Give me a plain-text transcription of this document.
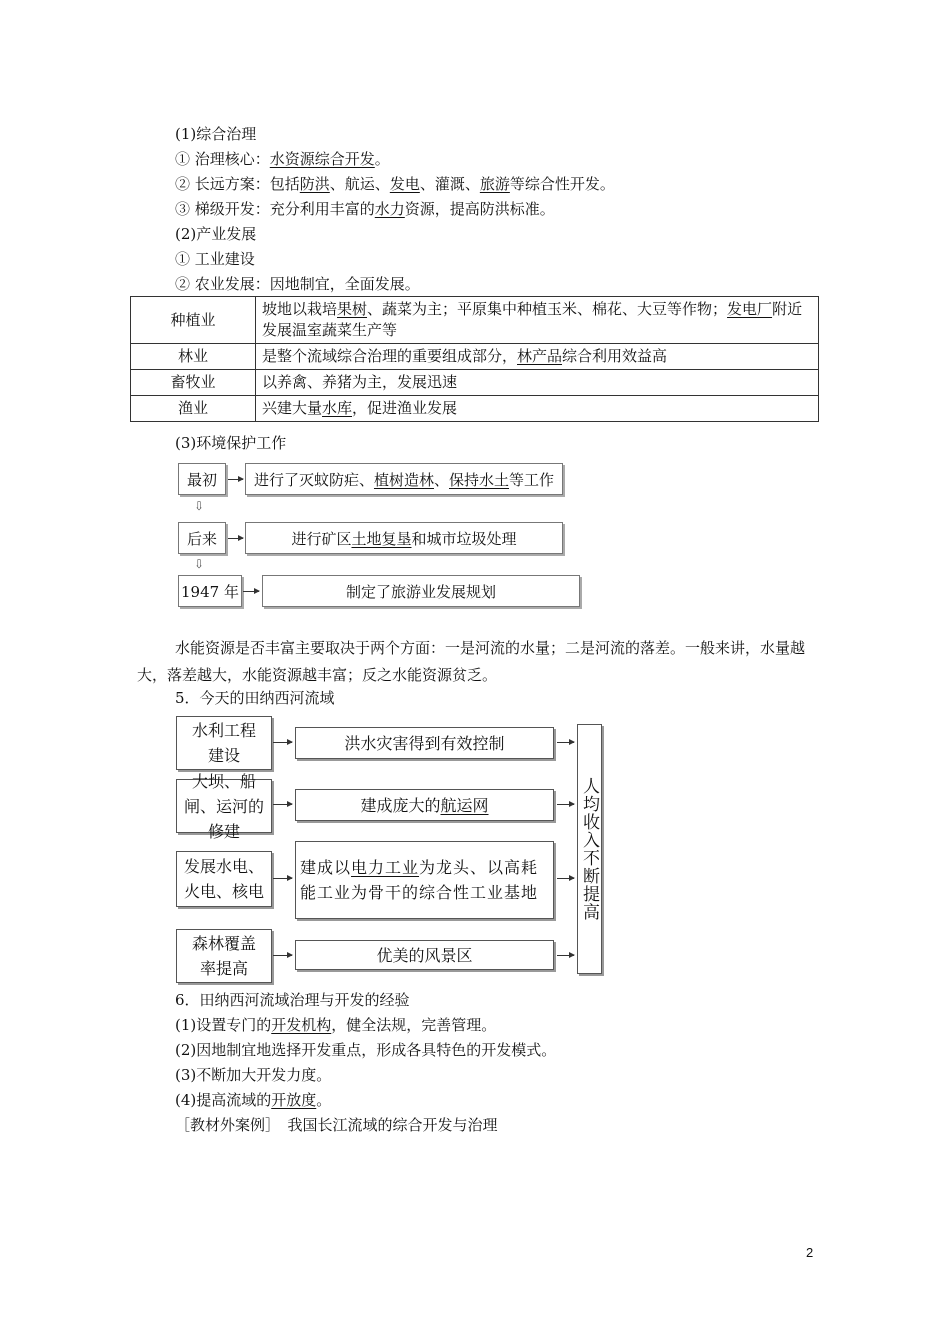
(1)综合治理
① 治理核心：水资源综合开发。
② 长远方案：包括防洪、航运、发电、灌溉、旅游等综合性开发。
③ 梯级开发：充分利用丰富的水力资源，提高防洪标准。
(2)产业发展
① 工业建设
② 农业发展：因地制宜，全面发展。
种植业	坡地以栽培果树、蔬菜为主；平原集中种植玉米、棉花、大豆等作物；发电厂附近发展温室蔬菜生产等
林业	是整个流域综合治理的重要组成部分，林产品综合利用效益高
畜牧业	以养禽、养猪为主，发展迅速
渔业	兴建大量水库，促进渔业发展
(3)环境保护工作
最初	进行了灭蚊防疟、植树造林、保持水土等工作
⇩
后来	进行矿区土地复垦和城市垃圾处理
⇩
1947 年	制定了旅游业发展规划
水能资源是否丰富主要取决于两个方面：一是河流的水量；二是河流的落差。一般来讲，水量越大，落差越大，水能资源越丰富；反之水能资源贫乏。
5．今天的田纳西河流域
水利工程建设
洪水灾害得到有效控制
大坝、船闸、运河的修建
建成庞大的航运网
发展水电、火电、核电
建成以电力工业为龙头、以高耗能工业为骨干的综合性工业基地
森林覆盖率提高
优美的风景区
人均收入不断提高
6．田纳西河流域治理与开发的经验
(1)设置专门的开发机构，健全法规，完善管理。
(2)因地制宜地选择开发重点，形成各具特色的开发模式。
(3)不断加大开发力度。
(4)提高流域的开放度。
［教材外案例］　我国长江流域的综合开发与治理
2
